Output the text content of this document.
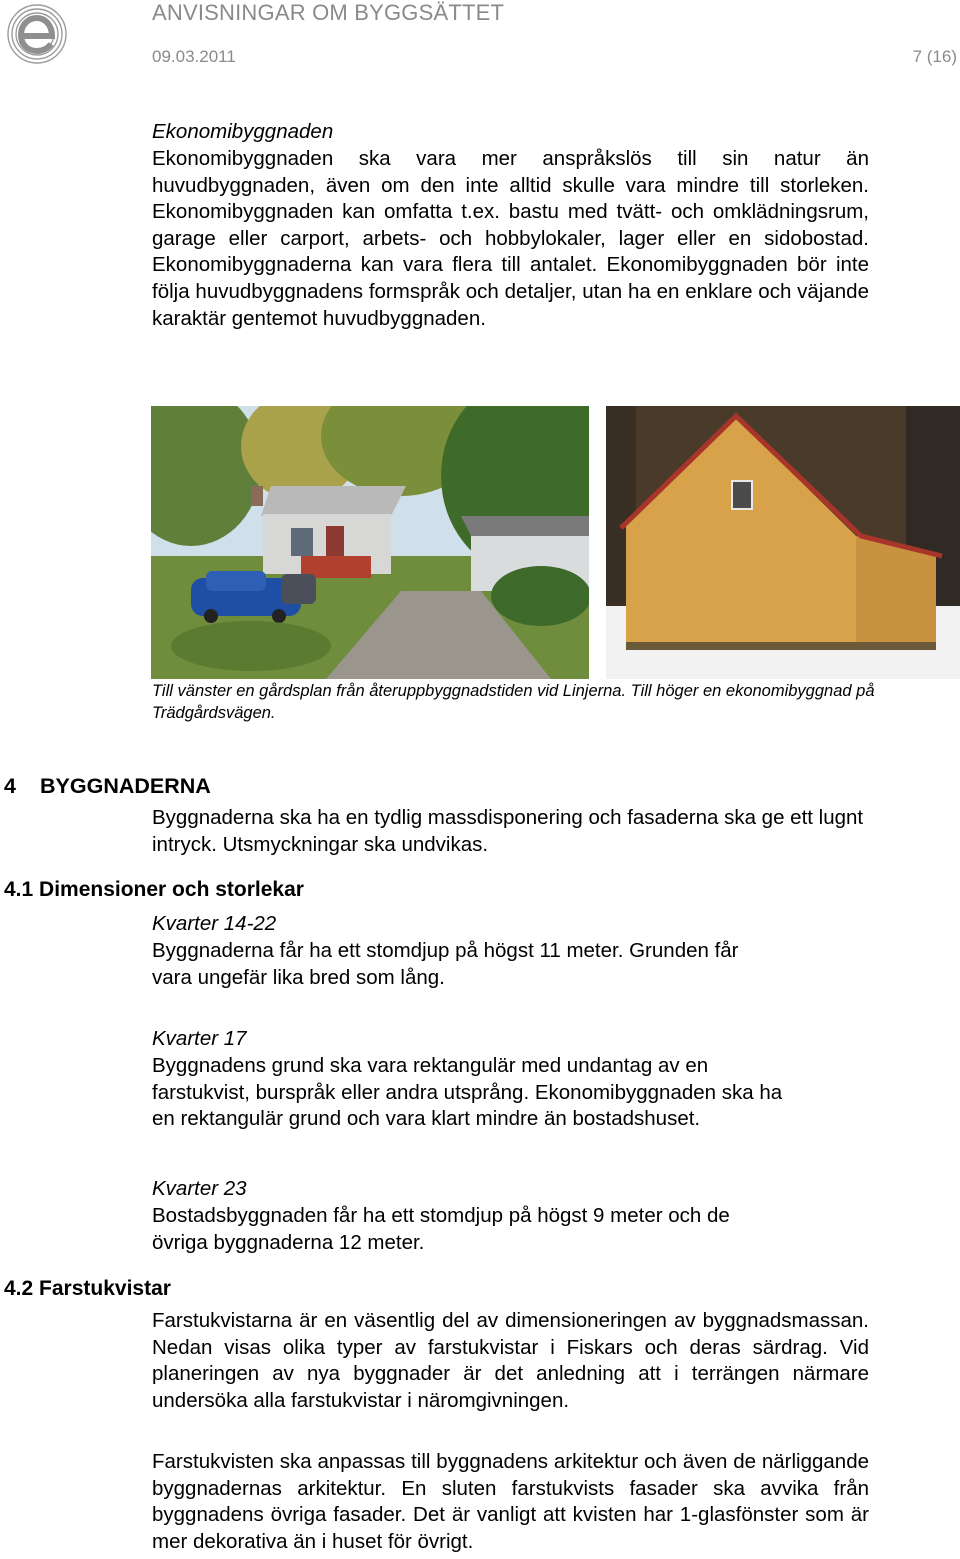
ANVISNINGAR OM BYGGSÄTTET
09.03.2011	7 (16)
Ekonomibyggnaden
Ekonomibyggnaden ska vara mer anspråkslös till sin natur än huvudbyggnaden, även om den inte alltid skulle vara mindre till storleken. Ekonomibyggnaden kan omfatta t.ex. bastu med tvätt- och omklädningsrum, garage eller carport, arbets- och hobbylokaler, lager eller en sidobostad. Ekonomibyggnaderna kan vara flera till antalet. Ekonomibyggnaden bör inte följa huvudbyggnadens formspråk och detaljer, utan ha en enklare och väjande karaktär gentemot huvudbyggnaden.
Till vänster en gårdsplan från återuppbyggnadstiden vid Linjerna. Till höger en ekonomibyggnad på Trädgårdsvägen.
4 BYGGNADERNA
Byggnaderna ska ha en tydlig massdisponering och fasaderna ska ge ett lugnt intryck. Utsmyckningar ska undvikas.
4.1 Dimensioner och storlekar
Kvarter 14-22
Byggnaderna får ha ett stomdjup på högst 11 meter. Grunden får
vara ungefär lika bred som lång.
Kvarter 17
Byggnadens grund ska vara rektangulär med undantag av en
farstukvist, burspråk eller andra utsprång. Ekonomibyggnaden ska ha
en rektangulär grund och vara klart mindre än bostadshuset.
Kvarter 23
Bostadsbyggnaden får ha ett stomdjup på högst 9 meter och de
övriga byggnaderna 12 meter.
4.2 Farstukvistar
Farstukvistarna är en väsentlig del av dimensioneringen av byggnadsmassan. Nedan visas olika typer av farstukvistar i Fiskars och deras särdrag. Vid planeringen av nya byggnader är det anledning att i terrängen närmare undersöka alla farstukvistar i näromgivningen.
Farstukvisten ska anpassas till byggnadens arkitektur och även de närliggande byggnadernas arkitektur. En sluten farstukvists fasader ska avvika från byggnadens övriga fasader. Det är vanligt att kvisten har 1-glasfönster som är mer dekorativa än i huset för övrigt.
